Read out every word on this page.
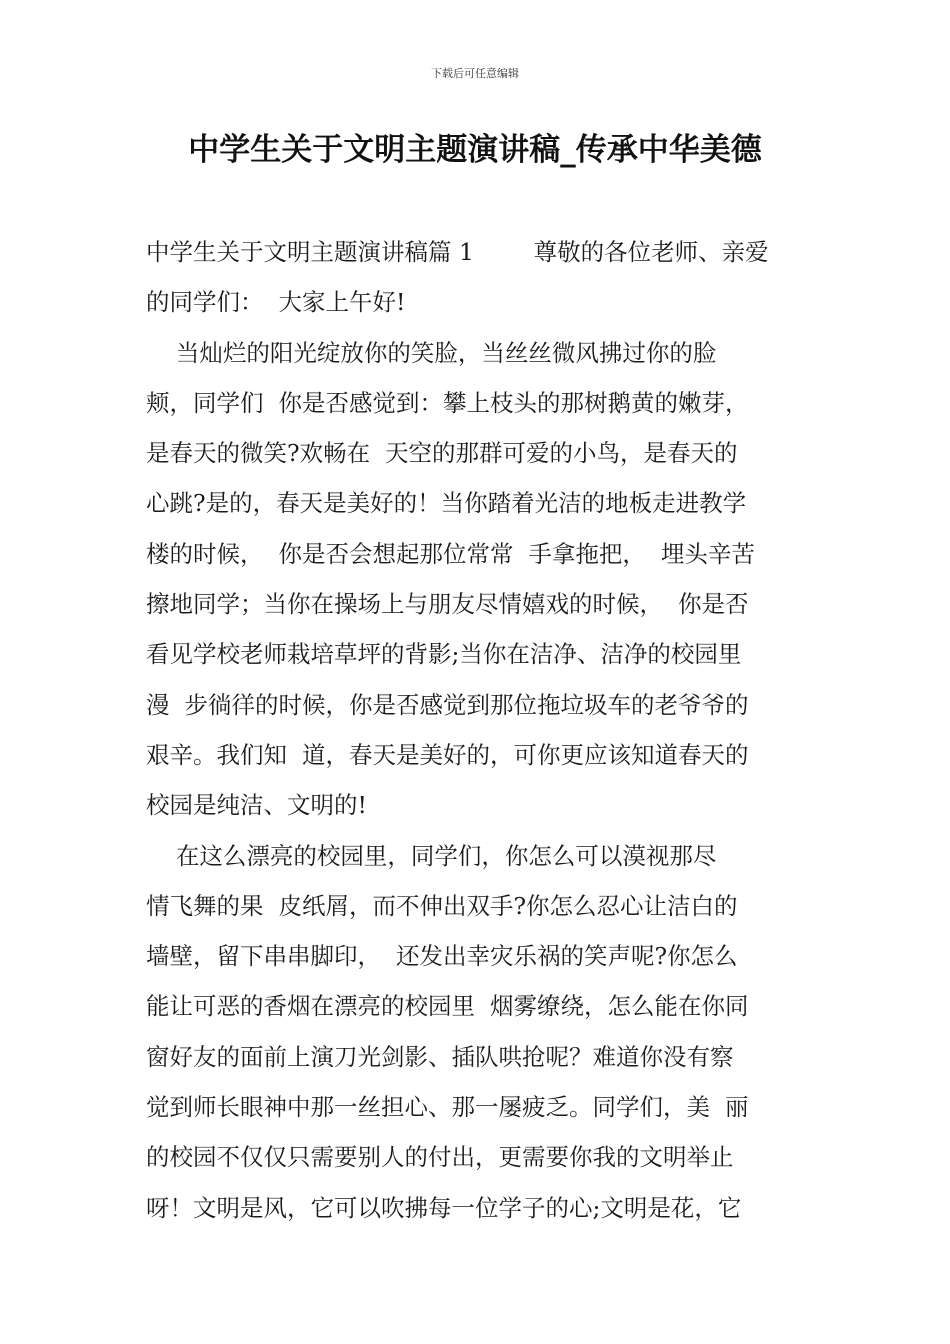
下载后可任意编辑
中学生关于文明主题演讲稿_传承中华美德
中学生关于文明主题演讲稿篇 1        尊敬的各位老师、亲爱
的同学们：  大家上午好!
当灿烂的阳光绽放你的笑脸，当丝丝微风拂过你的脸
颊，同学们  你是否感觉到：攀上枝头的那树鹅黄的嫩芽，
是春天的微笑?欢畅在  天空的那群可爱的小鸟，是春天的
心跳?是的，春天是美好的！当你踏着光洁的地板走进教学
楼的时候，  你是否会想起那位常常  手拿拖把，  埋头辛苦
擦地同学；当你在操场上与朋友尽情嬉戏的时候，  你是否
看见学校老师栽培草坪的背影;当你在洁净、洁净的校园里
漫  步徜徉的时候，你是否感觉到那位拖垃圾车的老爷爷的
艰辛。我们知  道，春天是美好的，可你更应该知道春天的
校园是纯洁、文明的!
在这么漂亮的校园里，同学们，你怎么可以漠视那尽
情飞舞的果  皮纸屑，而不伸出双手?你怎么忍心让洁白的
墙壁，留下串串脚印，  还发出幸灾乐祸的笑声呢?你怎么
能让可恶的香烟在漂亮的校园里  烟雾缭绕，怎么能在你同
窗好友的面前上演刀光剑影、插队哄抢呢？难道你没有察
觉到师长眼神中那一丝担心、那一屡疲乏。同学们，美  丽
的校园不仅仅只需要别人的付出，更需要你我的文明举止
呀！文明是风，它可以吹拂每一位学子的心;文明是花，它
